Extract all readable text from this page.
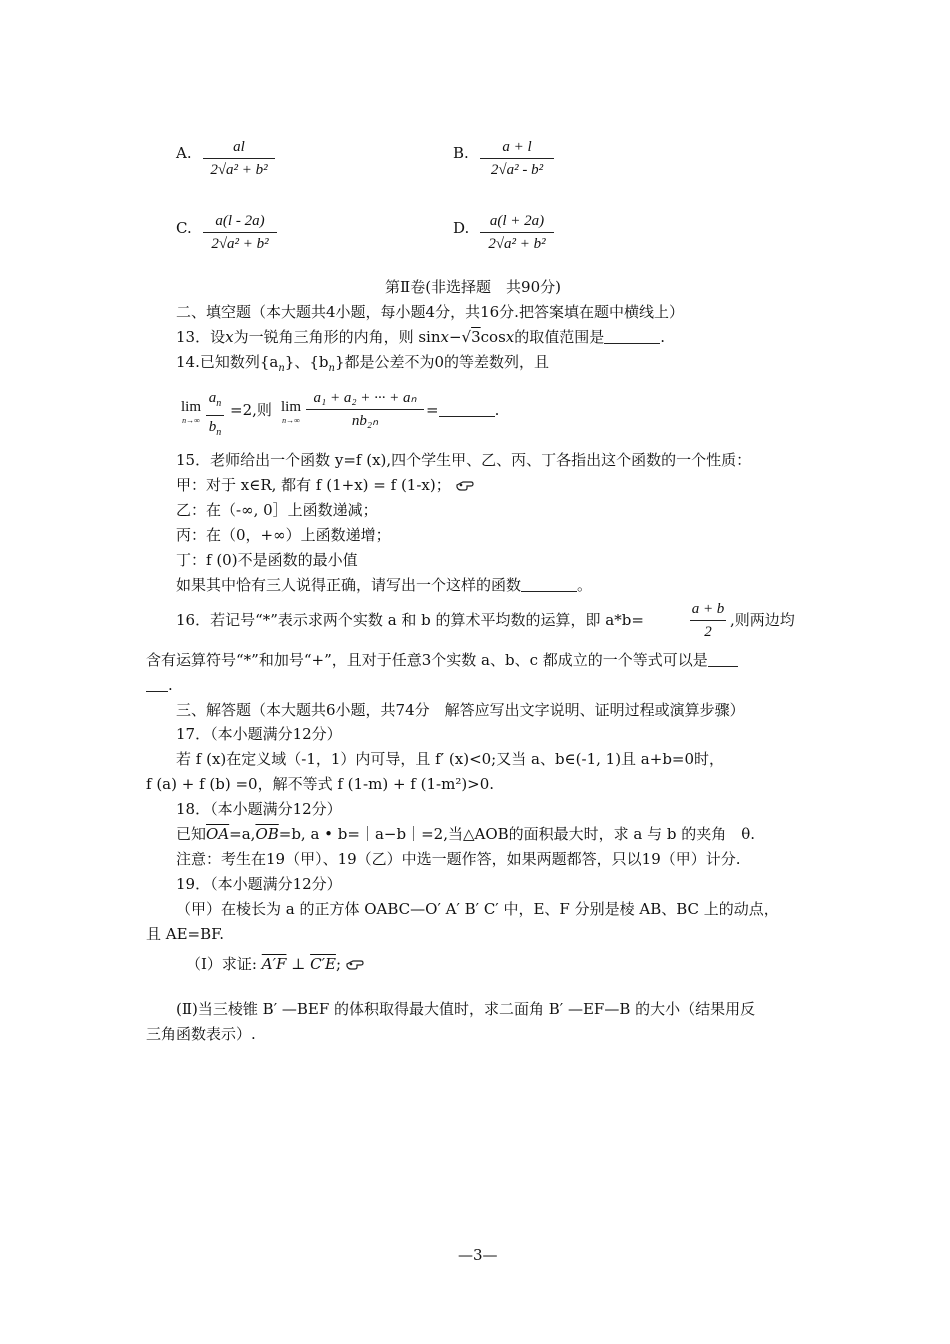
A.	al
2√a² + b²
B.	a + l
2√a² - b²
C.	a(l - 2a)
2√a² + b²
D.	a(l + 2a)
2√a² + b²
第Ⅱ卷(非选择题　共90分)
二、填空题（本大题共4小题，每小题4分，共16分.把答案填在题中横线上）
13．设x为一锐角三角形的内角，则 sinx−√3cosx的取值范围是	.
14.已知数列$\{a_n\}$、$\{b_n\}$都是公差不为0的等差数列，且
lim
n→∞
$a_n$
$b_n$
=2,则 lim
n→∞
a₁ + a₂ + ··· + aₙ
nb₂ₙ
=	.
15．老师给出一个函数 y=f (x),四个学生甲、乙、丙、丁各指出这个函数的一个性质：
甲：对于 x∈R, 都有 f (1+x) = f (1-x)；
乙：在（-∞, 0］上函数递减；
丙：在（0，+∞）上函数递增；
丁：f (0)不是函数的最小值
如果其中恰有三人说得正确，请写出一个这样的函数	。
16．若记号“*”表示求两个实数 a 和 b 的算术平均数的运算，即 a*b=
a + b
2
,则两边均
含有运算符号“*”和加号“+”，且对于任意3个实数 a、b、c 都成立的一个等式可以是
.
三、解答题（本大题共6小题，共74分　解答应写出文字说明、证明过程或演算步骤）
17．（本小题满分12分）
若 f (x)在定义域（-1，1）内可导，且 f′ (x)<0;又当 a、b∈(-1, 1)且 a+b=0时，
f (a) + f (b) =0，解不等式 f (1-m) + f (1-m²)>0.
18．（本小题满分12分）
已知$\overline{OA}=a,\overline{OB}=b$, a • b=｜a−b｜=2,当△AOB的面积最大时，求 a 与 b 的夹角　θ.
注意：考生在19（甲）、19（乙）中选一题作答，如果两题都答，只以19（甲）计分.
19．（本小题满分12分）
（甲）在棱长为 a 的正方体 OABC—O′ A′ B′ C′ 中，E、F 分别是棱 AB、BC 上的动点，
且 AE=BF.
（Ⅰ）求证: A′F ⊥ C′E;
(Ⅱ)当三棱锥 B′ —BEF 的体积取得最大值时，求二面角 B′ —EF—B 的大小（结果用反
三角函数表示）.
—3—
